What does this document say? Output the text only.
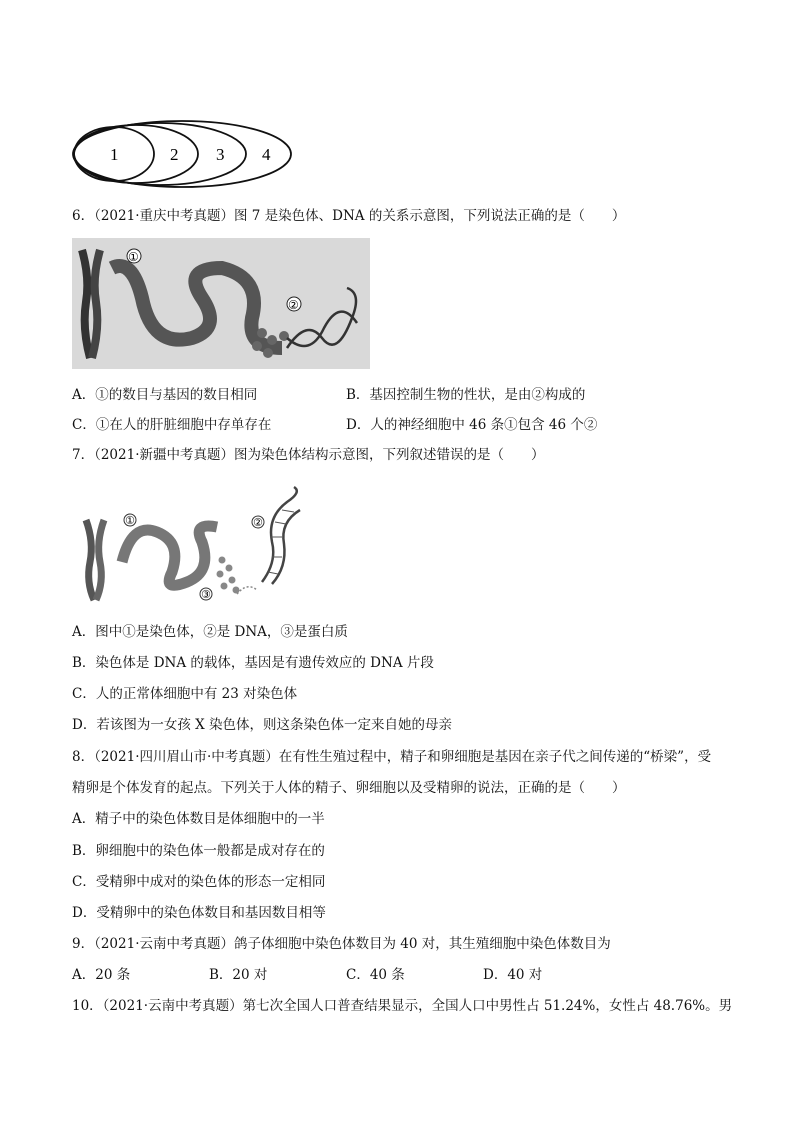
1	2 3 4
6．（2021·重庆中考真题）图 7 是染色体、DNA 的关系示意图，下列说法正确的是（　　）
①
②
A．①的数目与基因的数目相同	B．基因控制生物的性状，是由②构成的
C．①在人的肝脏细胞中存单存在	D．人的神经细胞中 46 条①包含 46 个②
7．（2021·新疆中考真题）图为染色体结构示意图，下列叙述错误的是（　　）
①	②
③
A．图中①是染色体，②是 DNA，③是蛋白质
B．染色体是 DNA 的载体，基因是有遗传效应的 DNA 片段
C．人的正常体细胞中有 23 对染色体
D．若该图为一女孩 X 染色体，则这条染色体一定来自她的母亲
8．（2021·四川眉山市·中考真题）在有性生殖过程中，精子和卵细胞是基因在亲子代之间传递的“桥梁”，受
精卵是个体发育的起点。下列关于人体的精子、卵细胞以及受精卵的说法，正确的是（　　）
A．精子中的染色体数目是体细胞中的一半
B．卵细胞中的染色体一般都是成对存在的
C．受精卵中成对的染色体的形态一定相同
D．受精卵中的染色体数目和基因数目相等
9．（2021·云南中考真题）鸽子体细胞中染色体数目为 40 对，其生殖细胞中染色体数目为
A．20 条	B．20 对	C．40 条	D．40 对
10．（2021·云南中考真题）第七次全国人口普查结果显示，全国人口中男性占 51.24%，女性占 48.76%。男
